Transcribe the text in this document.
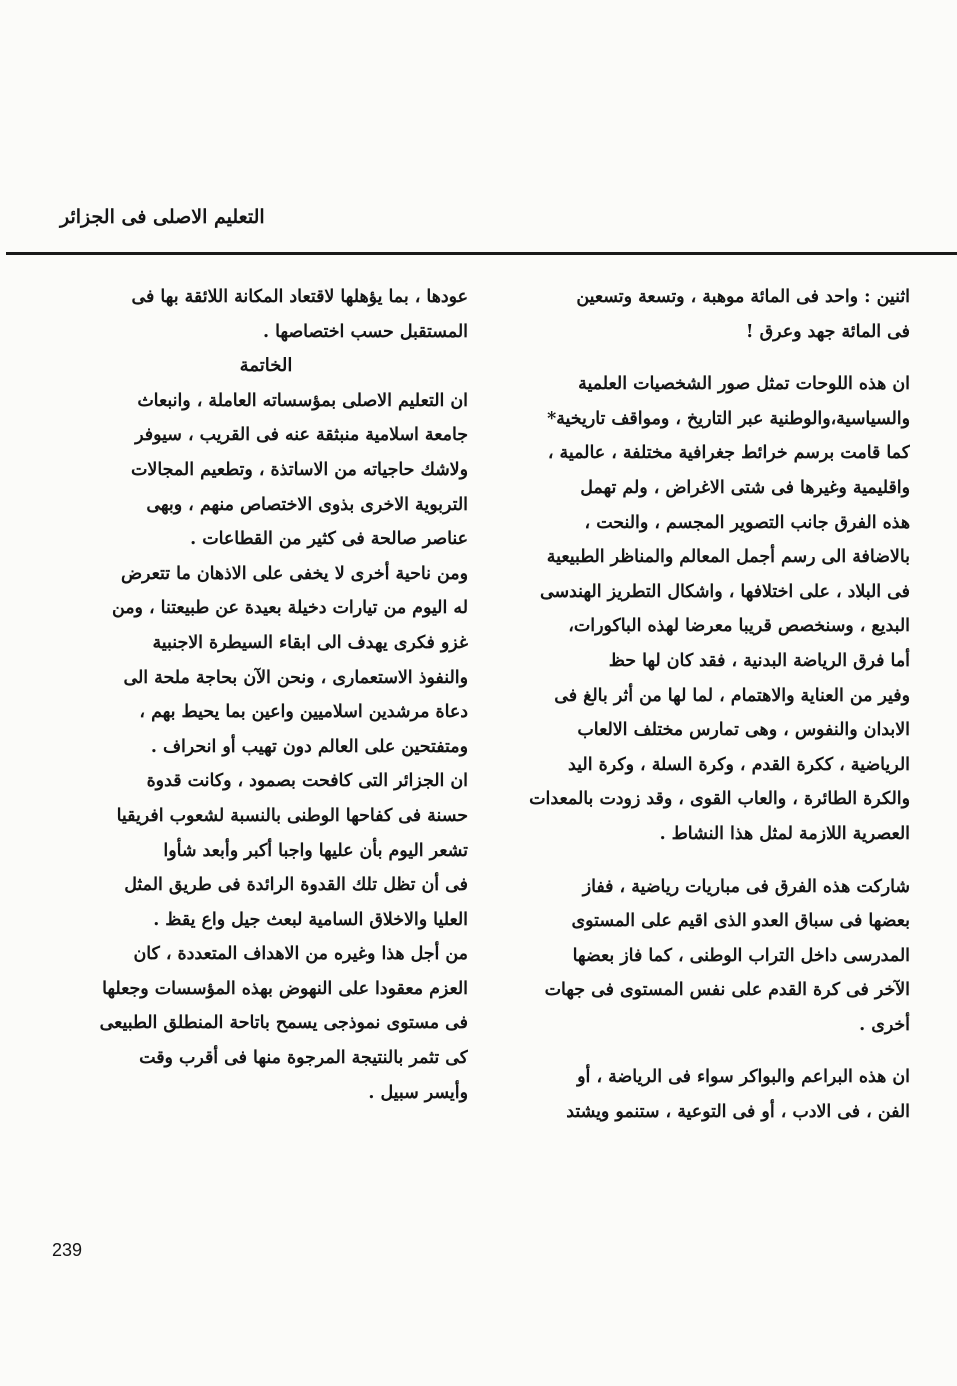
التعليم الاصلى فى الجزائر
اثنين : واحد فى المائة موهبة ، وتسعة وتسعين
فى المائة جهد وعرق !
ان هذه اللوحات تمثل صور الشخصيات العلمية
والسياسية،والوطنية عبر التاريخ ، ومواقف تاريخية*
كما قامت برسم خرائط جغرافية مختلفة ، عالمية ،
واقليمية وغيرها فى شتى الاغراض ، ولم تهمل
هذه الفرق جانب التصوير المجسم ، والنحت ،
بالاضافة الى رسم أجمل المعالم والمناظر الطبيعية
فى البلاد ، على اختلافها ، واشكال التطريز الهندسى
البديع ، وسنخصص قريبا معرضا لهذه الباكورات،
أما فرق الرياضة البدنية ، فقد كان لها حظ
وفير من العناية والاهتمام ، لما لها من أثر بالغ فى
الابدان والنفوس ، وهى تمارس مختلف الالعاب
الرياضية ، ككرة القدم ، وكرة السلة ، وكرة اليد
والكرة الطائرة ، والعاب القوى ، وقد زودت بالمعدات
العصرية اللازمة لمثل هذا النشاط .
شاركت هذه الفرق فى مباريات رياضية ، ففاز
بعضها فى سباق العدو الذى اقيم على المستوى
المدرسى داخل التراب الوطنى ، كما فاز بعضها
الآخر فى كرة القدم على نفس المستوى فى جهات
أخرى .
ان هذه البراعم والبواكر سواء فى الرياضة ، أو
الفن ، فى الادب ، أو فى التوعية ، ستنمو ويشتد
عودها ، بما يؤهلها لاقتعاد المكانة اللائقة بها فى
المستقبل حسب اختصاصها .
الخاتمة
ان التعليم الاصلى بمؤسساته العاملة ، وانبعاث
جامعة اسلامية منبثقة عنه فى القريب ، سيوفر
ولاشك حاجياته من الاساتذة ، وتطعيم المجالات
التربوية الاخرى بذوى الاختصاص منهم ، وبهى
عناصر صالحة فى كثير من القطاعات .
ومن ناحية أخرى لا يخفى على الاذهان ما تتعرض
له اليوم من تيارات دخيلة بعيدة عن طبيعتنا ، ومن
غزو فكرى يهدف الى ابقاء السيطرة الاجنبية
والنفوذ الاستعمارى ، ونحن الآن بحاجة ملحة الى
دعاة مرشدين اسلاميين واعين بما يحيط بهم ،
ومتفتحين على العالم دون تهيب أو انحراف .
ان الجزائر التى كافحت بصمود ، وكانت قدوة
حسنة فى كفاحها الوطنى بالنسبة لشعوب افريقيا
تشعر اليوم بأن عليها واجبا أكبر وأبعد شأوا
فى أن تظل تلك القدوة الرائدة فى طريق المثل
العليا والاخلاق السامية لبعث جيل واع يقظ .
من أجل هذا وغيره من الاهداف المتعددة ، كان
العزم معقودا على النهوض بهذه المؤسسات وجعلها
فى مستوى نموذجى يسمح باتاحة المنطلق الطبيعى
كى تثمر بالنتيجة المرجوة منها فى أقرب وقت
وأيسر سبيل .
239
